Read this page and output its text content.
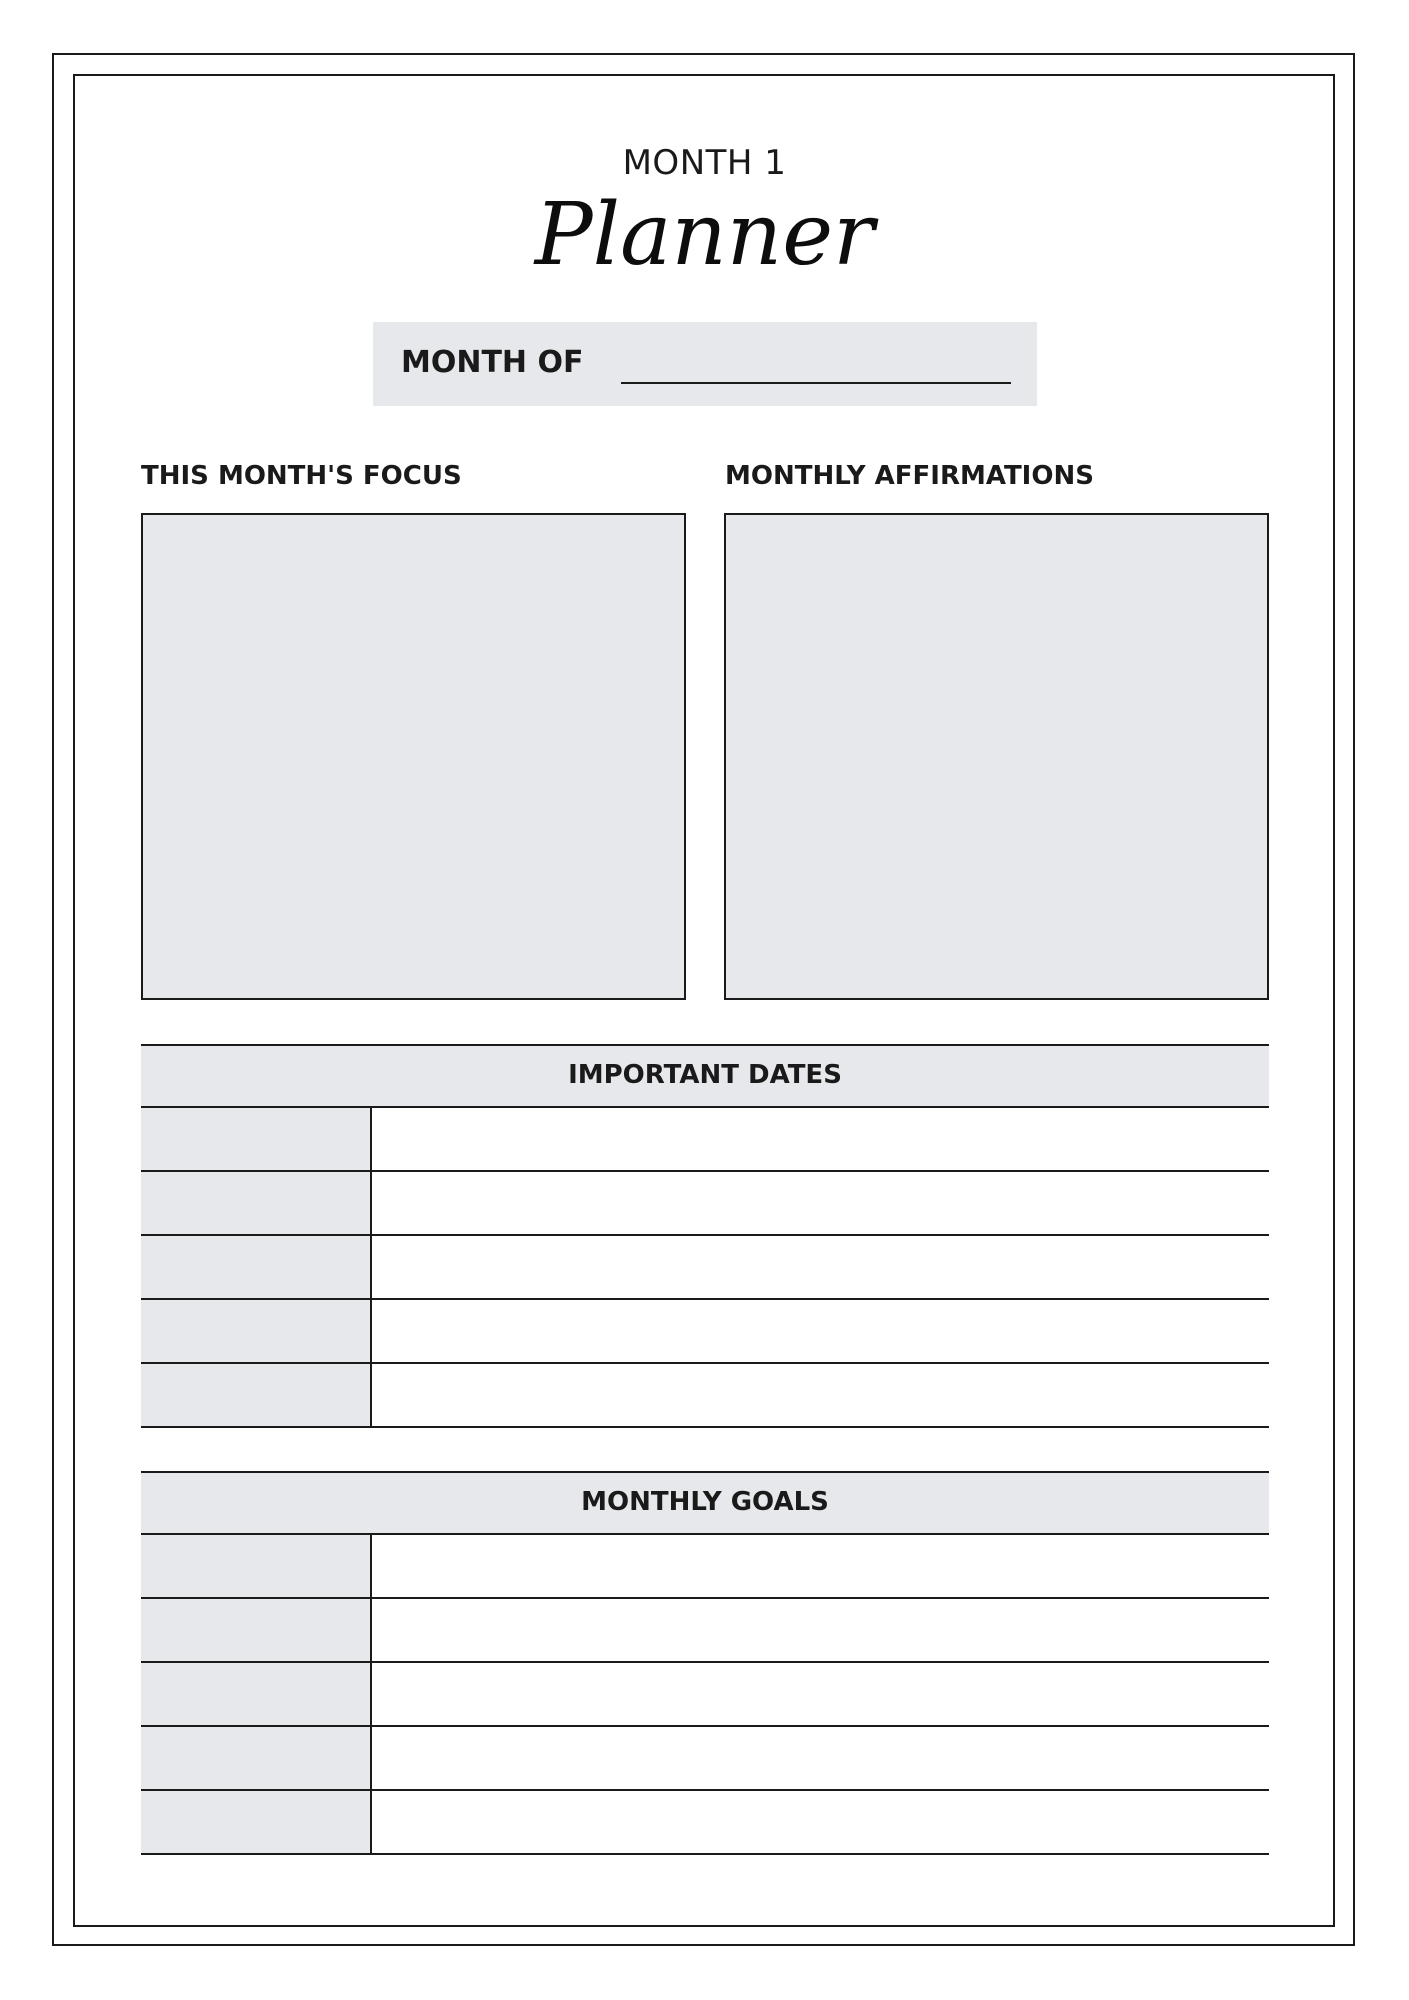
MONTH 1
Planner
MONTH OF
THIS MONTH'S FOCUS	MONTHLY AFFIRMATIONS
IMPORTANT DATES
MONTHLY GOALS
